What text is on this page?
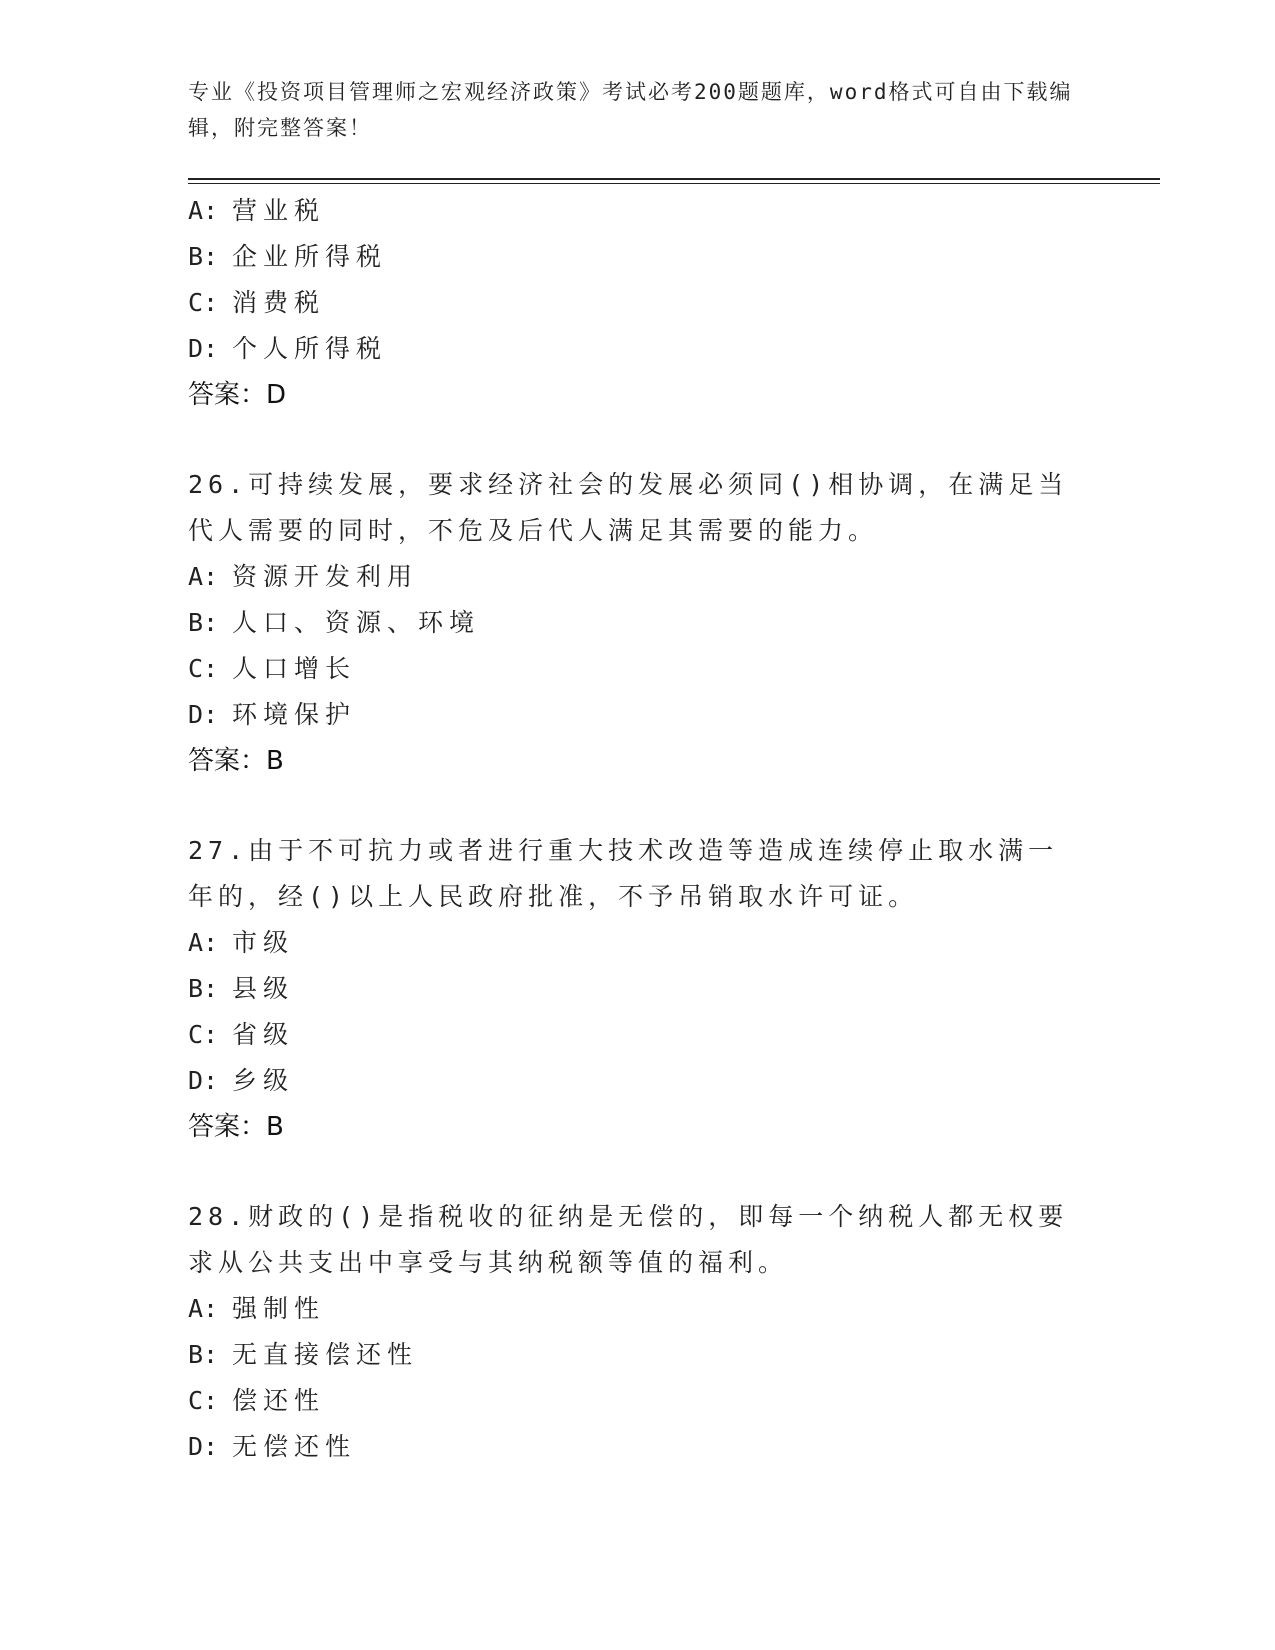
专业《投资项目管理师之宏观经济政策》考试必考200题题库，word格式可自由下载编辑，附完整答案！
A: 营业税
B: 企业所得税
C: 消费税
D: 个人所得税
答案：D
26.可持续发展，要求经济社会的发展必须同()相协调，在满足当代人需要的同时，不危及后代人满足其需要的能力。
A: 资源开发利用
B: 人口、资源、环境
C: 人口增长
D: 环境保护
答案：B
27.由于不可抗力或者进行重大技术改造等造成连续停止取水满一年的，经()以上人民政府批准，不予吊销取水许可证。
A: 市级
B: 县级
C: 省级
D: 乡级
答案：B
28.财政的()是指税收的征纳是无偿的，即每一个纳税人都无权要求从公共支出中享受与其纳税额等值的福利。
A: 强制性
B: 无直接偿还性
C: 偿还性
D: 无偿还性
